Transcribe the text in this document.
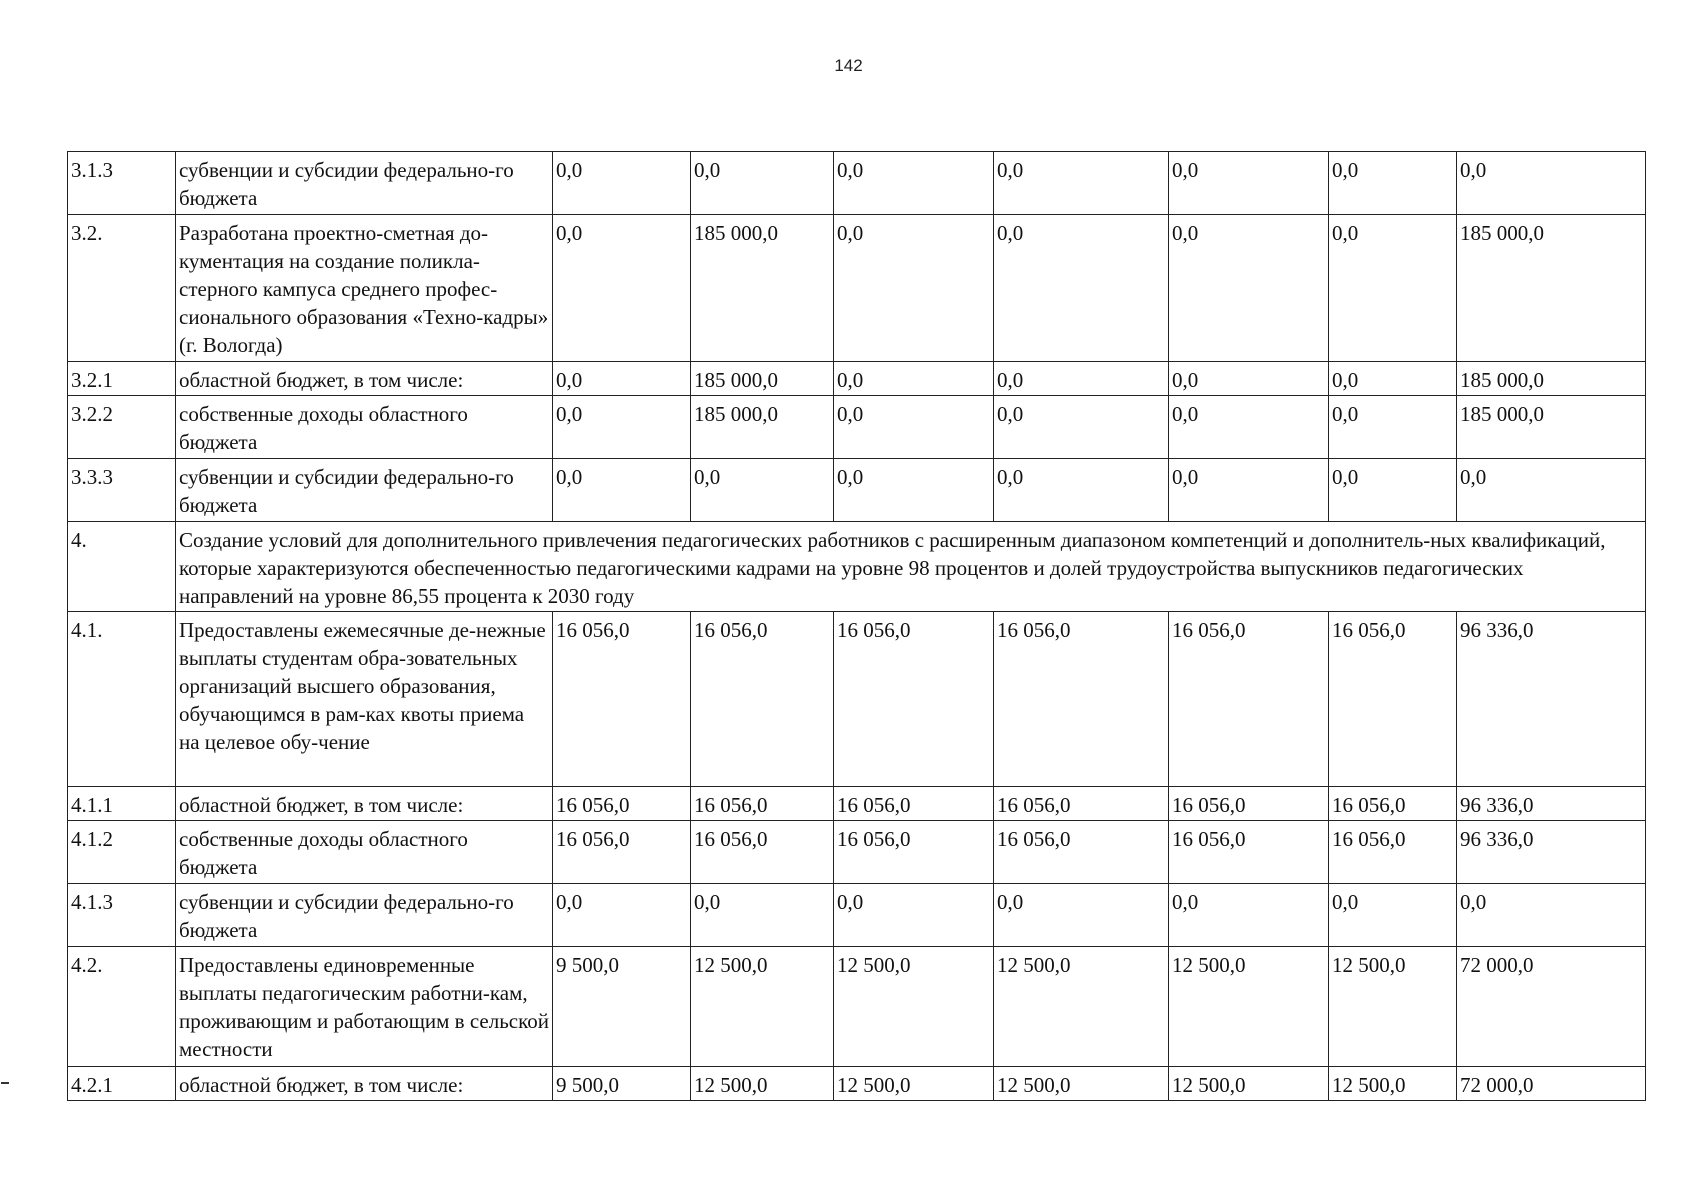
142
3.1.3	субвенции и субсидии федерально-го бюджета	0,0	0,0	0,0	0,0	0,0	0,0	0,0
3.2.	Разработана проектно-сметная до-кументация на создание поликла-стерного кампуса среднего профес-сионального образования «Техно-кадры» (г. Вологда)	0,0	185 000,0	0,0	0,0	0,0	0,0	185 000,0
3.2.1	областной бюджет, в том числе:	0,0	185 000,0	0,0	0,0	0,0	0,0	185 000,0
3.2.2	собственные доходы областного бюджета	0,0	185 000,0	0,0	0,0	0,0	0,0	185 000,0
3.3.3	субвенции и субсидии федерально-го бюджета	0,0	0,0	0,0	0,0	0,0	0,0	0,0
4.	Создание условий для дополнительного привлечения педагогических работников с расширенным диапазоном компетенций и дополнитель-ных квалификаций, которые характеризуются обеспеченностью педагогическими кадрами на уровне 98 процентов и долей трудоустройства выпускников педагогических направлений на уровне 86,55 процента к 2030 году							
4.1.	Предоставлены ежемесячные де-нежные выплаты студентам обра-зовательных организаций высшего образования, обучающимся в рам-ках квоты приема на целевое обу-чение	16 056,0	16 056,0	16 056,0	16 056,0	16 056,0	16 056,0	96 336,0
4.1.1	областной бюджет, в том числе:	16 056,0	16 056,0	16 056,0	16 056,0	16 056,0	16 056,0	96 336,0
4.1.2	собственные доходы областного бюджета	16 056,0	16 056,0	16 056,0	16 056,0	16 056,0	16 056,0	96 336,0
4.1.3	субвенции и субсидии федерально-го бюджета	0,0	0,0	0,0	0,0	0,0	0,0	0,0
4.2.	Предоставлены единовременные выплаты педагогическим работни-кам, проживающим и работающим в сельской местности	9 500,0	12 500,0	12 500,0	12 500,0	12 500,0	12 500,0	72 000,0
4.2.1	областной бюджет, в том числе:	9 500,0	12 500,0	12 500,0	12 500,0	12 500,0	12 500,0	72 000,0
